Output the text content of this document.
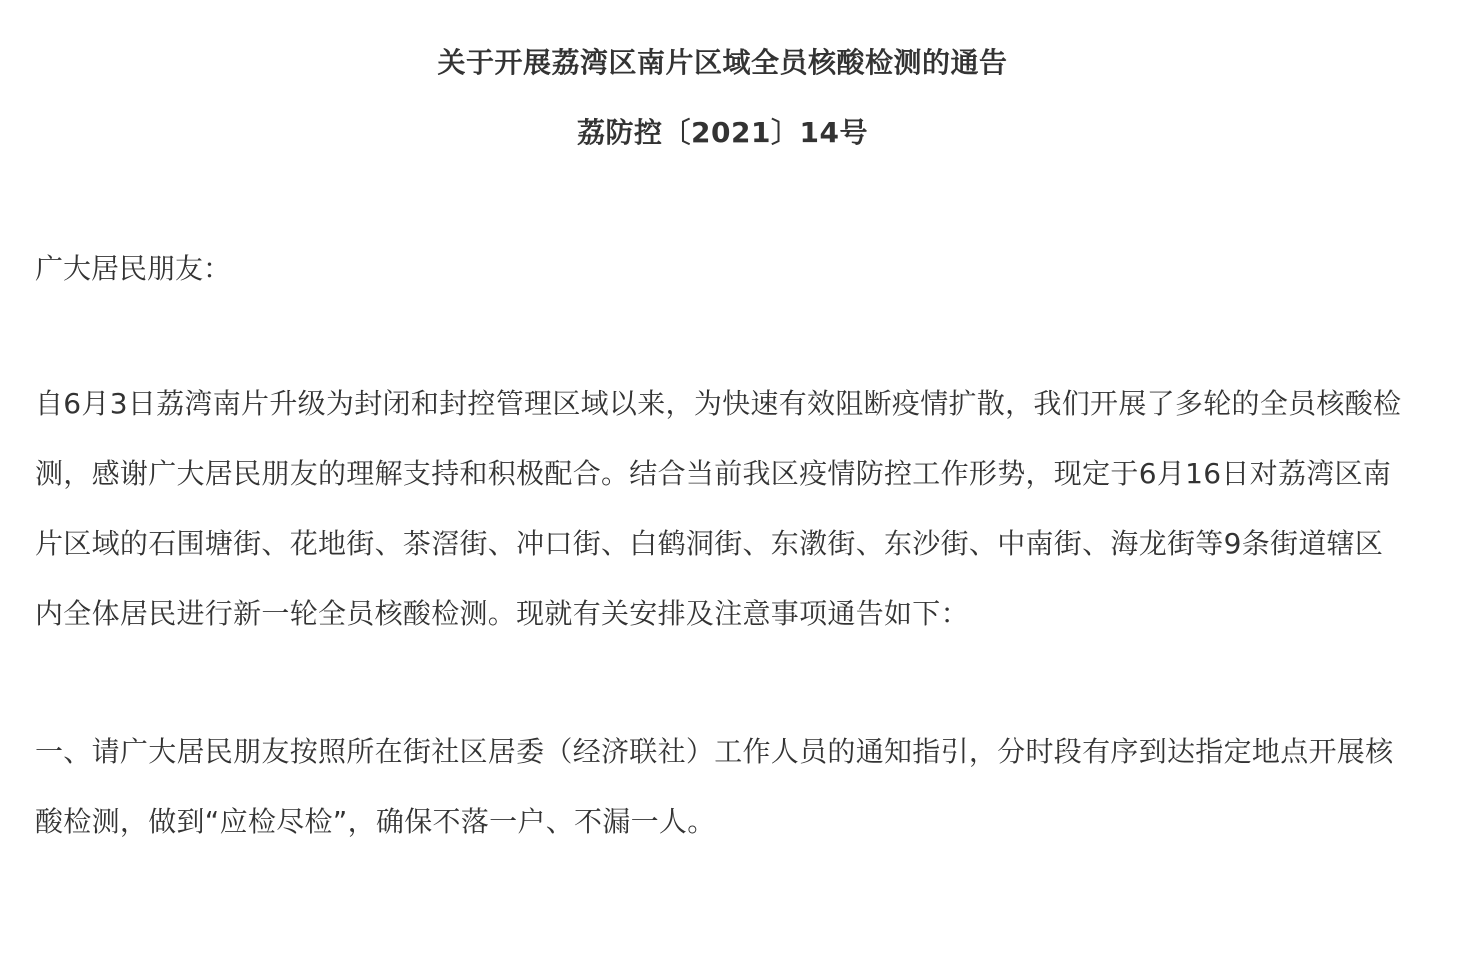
关于开展荔湾区南片区域全员核酸检测的通告
荔防控〔2021〕14号

广大居民朋友：

自6月3日荔湾南片升级为封闭和封控管理区域以来，为快速有效阻断疫情扩散，我们开展了多轮的全员核酸检测，感谢广大居民朋友的理解支持和积极配合。结合当前我区疫情防控工作形势，现定于6月16日对荔湾区南片区域的石围塘街、花地街、茶滘街、冲口街、白鹤洞街、东漖街、东沙街、中南街、海龙街等9条街道辖区内全体居民进行新一轮全员核酸检测。现就有关安排及注意事项通告如下：

一、请广大居民朋友按照所在街社区居委（经济联社）工作人员的通知指引，分时段有序到达指定地点开展核酸检测，做到“应检尽检”，确保不落一户、不漏一人。
